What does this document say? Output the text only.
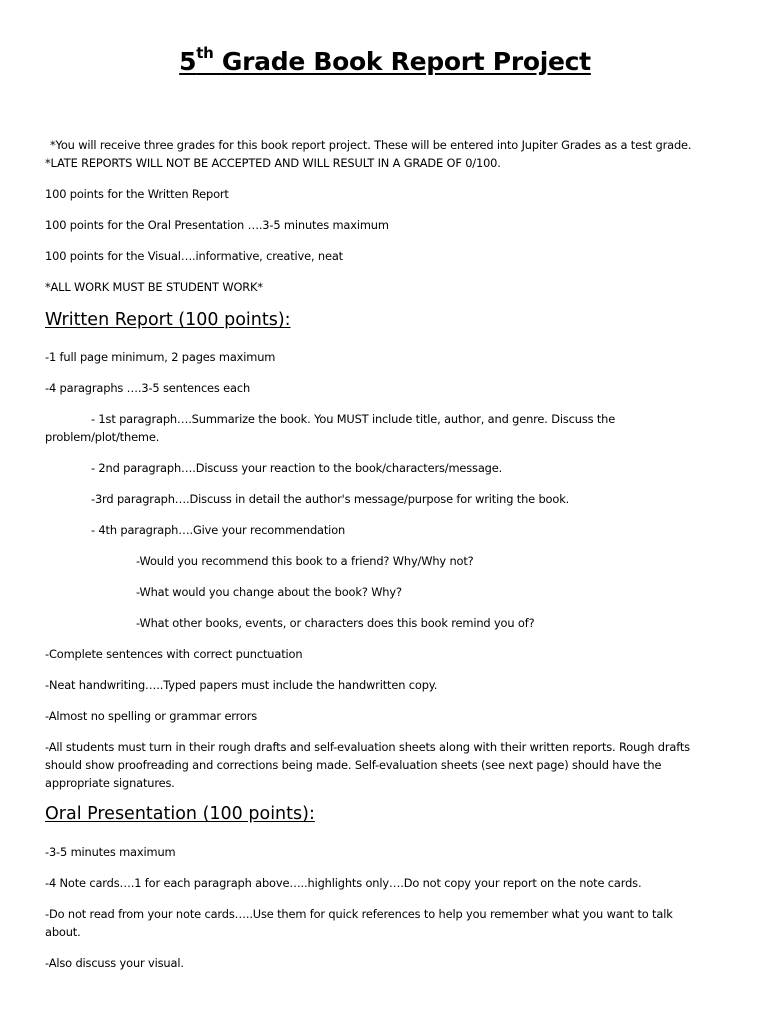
5th Grade Book Report Project
*You will receive three grades for this book report project. These will be entered into Jupiter Grades as a test grade.
*LATE REPORTS WILL NOT BE ACCEPTED AND WILL RESULT IN A GRADE OF 0/100.
100 points for the Written Report
100 points for the Oral Presentation ….3-5 minutes maximum
100 points for the Visual….informative, creative, neat
*ALL WORK MUST BE STUDENT WORK*
Written Report (100 points):
-1 full page minimum, 2 pages maximum
-4 paragraphs ….3-5 sentences each
- 1st paragraph….Summarize the book. You MUST include title, author, and genre. Discuss the
problem/plot/theme.
- 2nd paragraph….Discuss your reaction to the book/characters/message.
-3rd paragraph….Discuss in detail the author's message/purpose for writing the book.
- 4th paragraph….Give your recommendation
-Would you recommend this book to a friend? Why/Why not?
-What would you change about the book? Why?
-What other books, events, or characters does this book remind you of?
-Complete sentences with correct punctuation
-Neat handwriting…..Typed papers must include the handwritten copy.
-Almost no spelling or grammar errors
-All students must turn in their rough drafts and self-evaluation sheets along with their written reports. Rough drafts
should show proofreading and corrections being made. Self-evaluation sheets (see next page) should have the
appropriate signatures.
Oral Presentation (100 points):
-3-5 minutes maximum
-4 Note cards….1 for each paragraph above…..highlights only….Do not copy your report on the note cards.
-Do not read from your note cards…..Use them for quick references to help you remember what you want to talk
about.
-Also discuss your visual.
